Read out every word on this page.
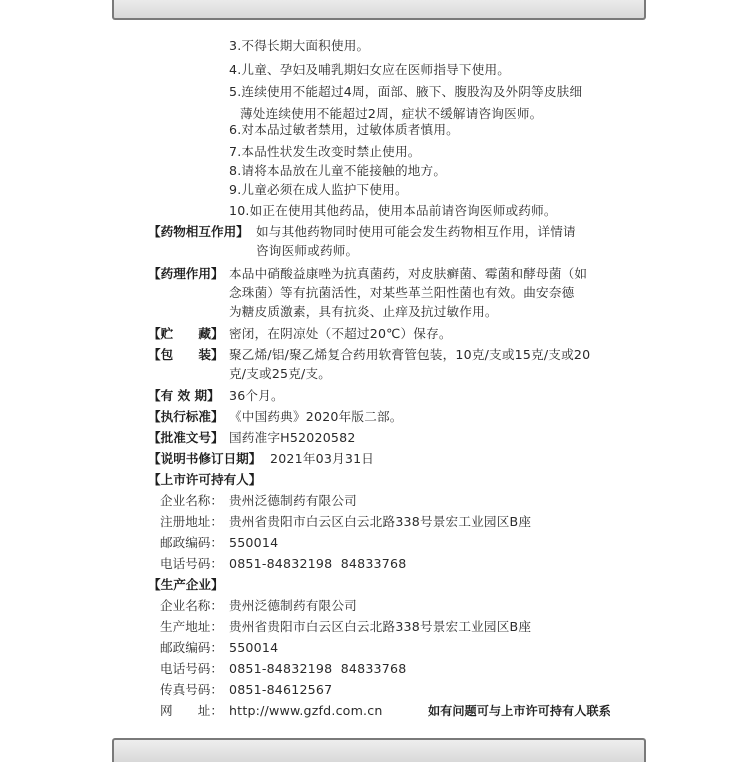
3.不得长期大面积使用。
4.儿童、孕妇及哺乳期妇女应在医师指导下使用。
5.连续使用不能超过4周，面部、腋下、腹股沟及外阴等皮肤细
薄处连续使用不能超过2周，症状不缓解请咨询医师。
6.对本品过敏者禁用，过敏体质者慎用。
7.本品性状发生改变时禁止使用。
8.请将本品放在儿童不能接触的地方。
9.儿童必须在成人监护下使用。
10.如正在使用其他药品，使用本品前请咨询医师或药师。
【药物相互作用】 如与其他药物同时使用可能会发生药物相互作用，详情请
咨询医师或药师。
【药理作用】 本品中硝酸益康唑为抗真菌药，对皮肤癣菌、霉菌和酵母菌（如
念珠菌）等有抗菌活性，对某些革兰阳性菌也有效。曲安奈德
为糖皮质激素，具有抗炎、止痒及抗过敏作用。
【贮　　藏】 密闭，在阴凉处（不超过20℃）保存。
【包　　装】 聚乙烯/铝/聚乙烯复合药用软膏管包装，10克/支或15克/支或20
克/支或25克/支。
【有 效 期】 36个月。
【执行标准】 《中国药典》2020年版二部。
【批准文号】 国药准字H52020582
【说明书修订日期】 2021年03月31日
【上市许可持有人】
企业名称： 贵州泛德制药有限公司
注册地址： 贵州省贵阳市白云区白云北路338号景宏工业园区B座
邮政编码： 550014
电话号码： 0851-84832198  84833768
【生产企业】
企业名称： 贵州泛德制药有限公司
生产地址： 贵州省贵阳市白云区白云北路338号景宏工业园区B座
邮政编码： 550014
电话号码： 0851-84832198  84833768
传真号码： 0851-84612567
网　　址： http://www.gzfd.com.cn	如有问题可与上市许可持有人联系
